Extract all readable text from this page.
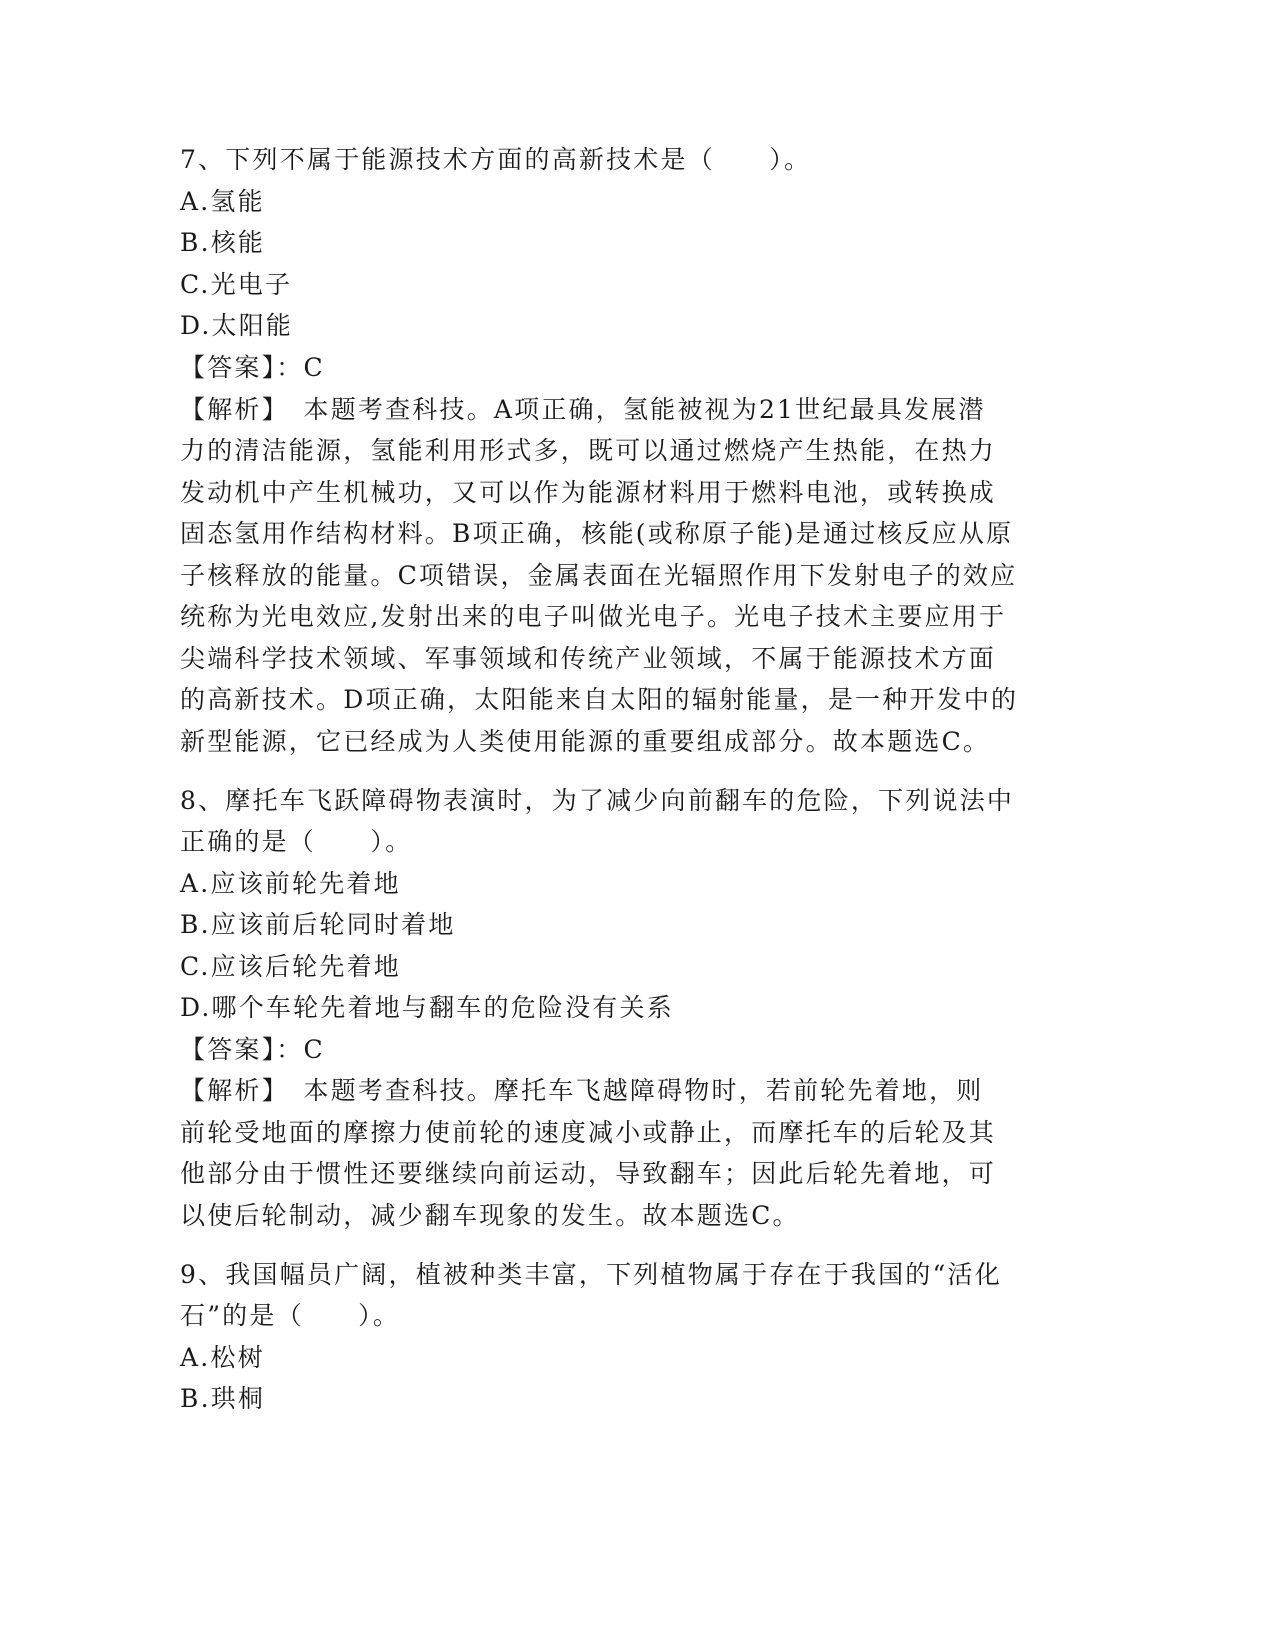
7、下列不属于能源技术方面的高新技术是（　　）。
A.氢能
B.核能
C.光电子
D.太阳能
【答案】：C
【解析】　本题考查科技。A项正确，氢能被视为21世纪最具发展潜
力的清洁能源，氢能利用形式多，既可以通过燃烧产生热能，在热力
发动机中产生机械功，又可以作为能源材料用于燃料电池，或转换成
固态氢用作结构材料。B项正确，核能(或称原子能)是通过核反应从原
子核释放的能量。C项错误，金属表面在光辐照作用下发射电子的效应
统称为光电效应,发射出来的电子叫做光电子。光电子技术主要应用于
尖端科学技术领域、军事领域和传统产业领域，不属于能源技术方面
的高新技术。D项正确，太阳能来自太阳的辐射能量，是一种开发中的
新型能源，它已经成为人类使用能源的重要组成部分。故本题选C。
8、摩托车飞跃障碍物表演时，为了减少向前翻车的危险，下列说法中
正确的是（　　）。
A.应该前轮先着地
B.应该前后轮同时着地
C.应该后轮先着地
D.哪个车轮先着地与翻车的危险没有关系
【答案】：C
【解析】　本题考查科技。摩托车飞越障碍物时，若前轮先着地，则
前轮受地面的摩擦力使前轮的速度减小或静止，而摩托车的后轮及其
他部分由于惯性还要继续向前运动，导致翻车；因此后轮先着地，可
以使后轮制动，减少翻车现象的发生。故本题选C。
9、我国幅员广阔，植被种类丰富，下列植物属于存在于我国的“活化
石”的是（　　）。
A.松树
B.珙桐
